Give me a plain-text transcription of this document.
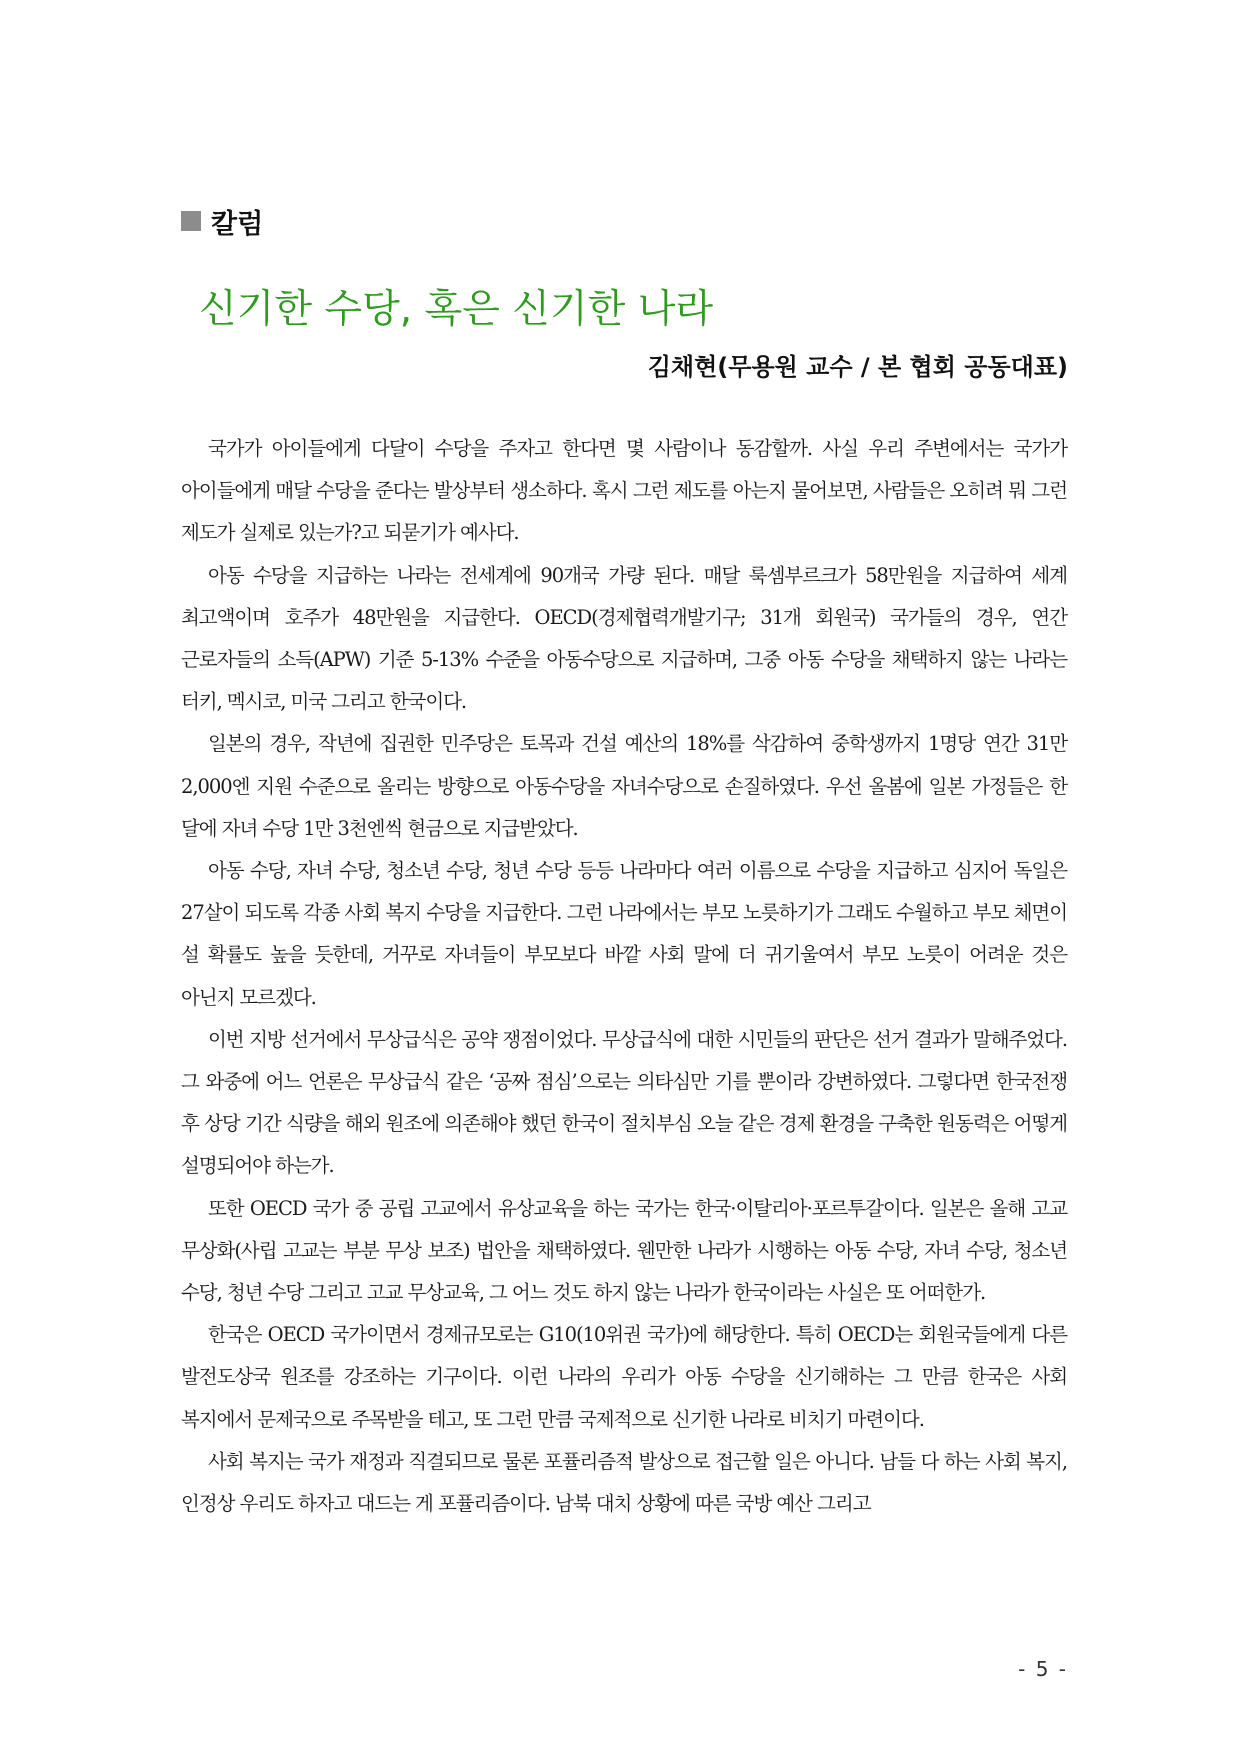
칼럼
신기한 수당, 혹은 신기한 나라
김채현(무용원 교수 / 본 협회 공동대표)

국가가 아이들에게 다달이 수당을 주자고 한다면 몇 사람이나 동감할까. 사실 우리 주변에서는 국가가 아이들에게 매달 수당을 준다는 발상부터 생소하다. 혹시 그런 제도를 아는지 물어보면, 사람들은 오히려 뭐 그런 제도가 실제로 있는가?고 되묻기가 예사다.

아동 수당을 지급하는 나라는 전세계에 90개국 가량 된다. 매달 룩셈부르크가 58만원을 지급하여 세계 최고액이며 호주가 48만원을 지급한다. OECD(경제협력개발기구; 31개 회원국) 국가들의 경우, 연간 근로자들의 소득(APW) 기준 5-13% 수준을 아동수당으로 지급하며, 그중 아동 수당을 채택하지 않는 나라는 터키, 멕시코, 미국 그리고 한국이다.

일본의 경우, 작년에 집권한 민주당은 토목과 건설 예산의 18%를 삭감하여 중학생까지 1명당 연간 31만 2,000엔 지원 수준으로 올리는 방향으로 아동수당을 자녀수당으로 손질하였다. 우선 올봄에 일본 가정들은 한 달에 자녀 수당 1만 3천엔씩 현금으로 지급받았다.

아동 수당, 자녀 수당, 청소년 수당, 청년 수당 등등 나라마다 여러 이름으로 수당을 지급하고 심지어 독일은 27살이 되도록 각종 사회 복지 수당을 지급한다. 그런 나라에서는 부모 노릇하기가 그래도 수월하고 부모 체면이 설 확률도 높을 듯한데, 거꾸로 자녀들이 부모보다 바깥 사회 말에 더 귀기울여서 부모 노릇이 어려운 것은 아닌지 모르겠다.

이번 지방 선거에서 무상급식은 공약 쟁점이었다. 무상급식에 대한 시민들의 판단은 선거 결과가 말해주었다. 그 와중에 어느 언론은 무상급식 같은 ‘공짜 점심’으로는 의타심만 기를 뿐이라 강변하였다. 그렇다면 한국전쟁 후 상당 기간 식량을 해외 원조에 의존해야 했던 한국이 절치부심 오늘 같은 경제 환경을 구축한 원동력은 어떻게 설명되어야 하는가.

또한 OECD 국가 중 공립 고교에서 유상교육을 하는 국가는 한국·이탈리아·포르투갈이다. 일본은 올해 고교 무상화(사립 고교는 부분 무상 보조) 법안을 채택하였다. 웬만한 나라가 시행하는 아동 수당, 자녀 수당, 청소년 수당, 청년 수당 그리고 고교 무상교육, 그 어느 것도 하지 않는 나라가 한국이라는 사실은 또 어떠한가.

한국은 OECD 국가이면서 경제규모로는 G10(10위권 국가)에 해당한다. 특히 OECD는 회원국들에게 다른 발전도상국 원조를 강조하는 기구이다. 이런 나라의 우리가 아동 수당을 신기해하는 그 만큼 한국은 사회 복지에서 문제국으로 주목받을 테고, 또 그런 만큼 국제적으로 신기한 나라로 비치기 마련이다.

사회 복지는 국가 재정과 직결되므로 물론 포퓰리즘적 발상으로 접근할 일은 아니다. 남들 다 하는 사회 복지, 인정상 우리도 하자고 대드는 게 포퓰리즘이다. 남북 대치 상황에 따른 국방 예산 그리고

- 5 -
